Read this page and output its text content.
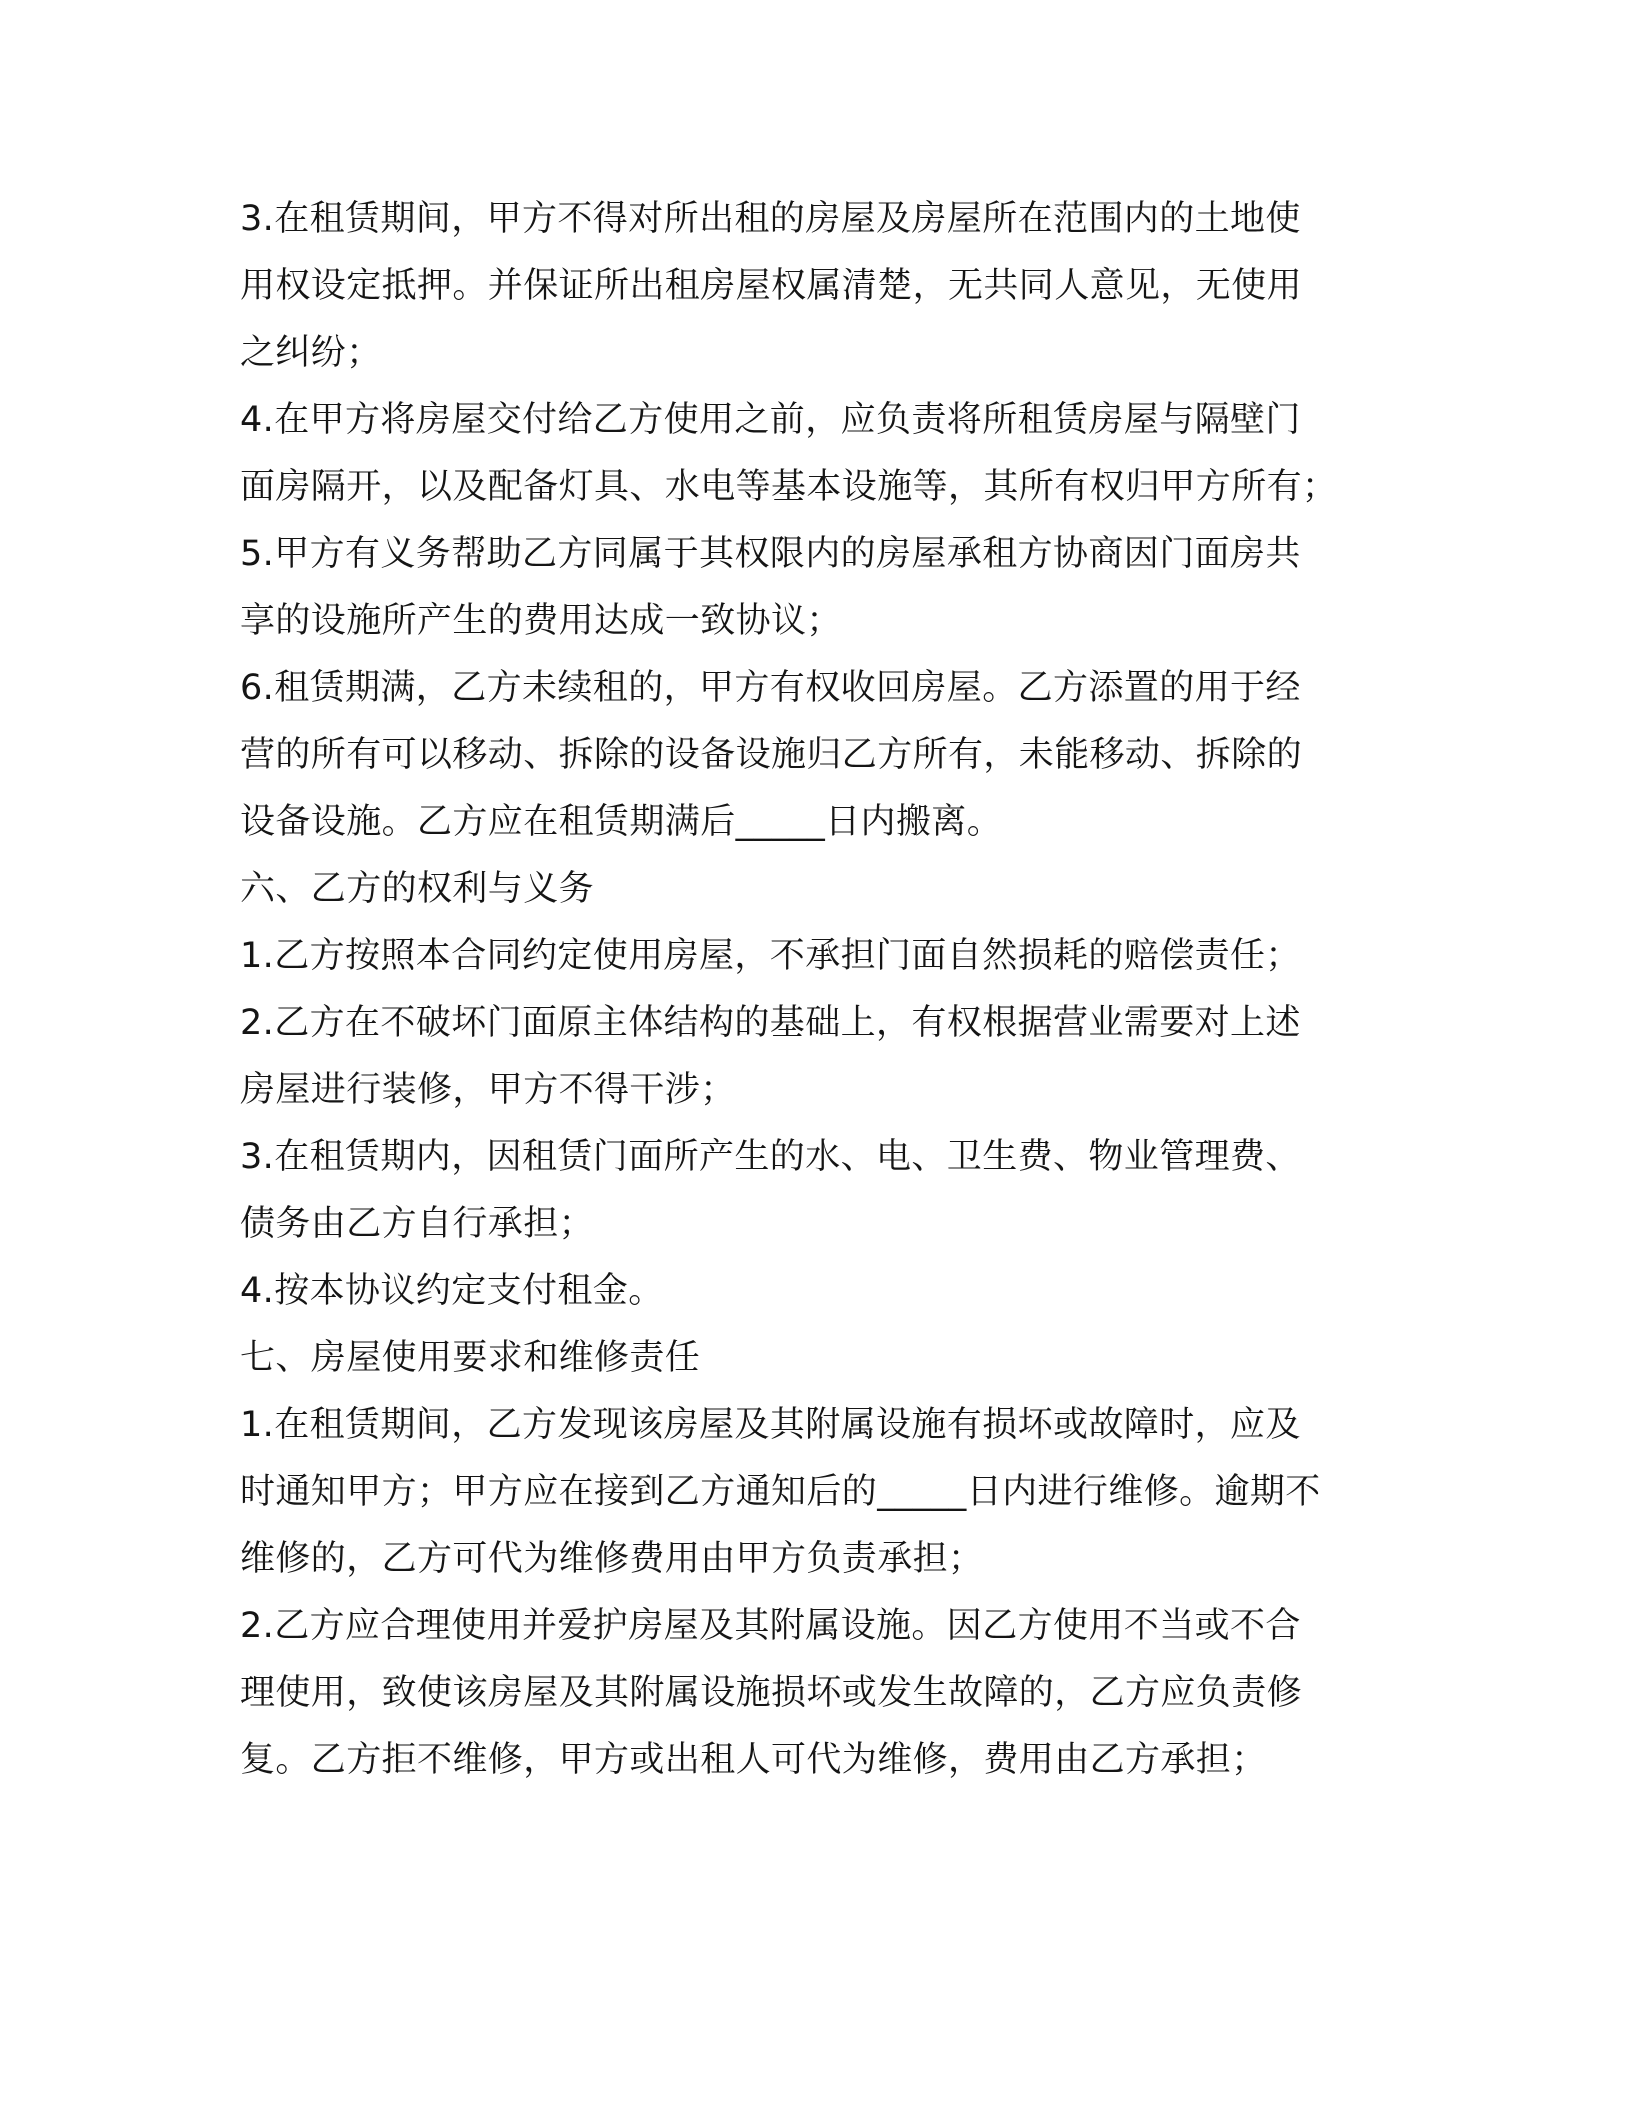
3.在租赁期间，甲方不得对所出租的房屋及房屋所在范围内的土地使
用权设定抵押。并保证所出租房屋权属清楚，无共同人意见，无使用
之纠纷；
4.在甲方将房屋交付给乙方使用之前，应负责将所租赁房屋与隔壁门
面房隔开，以及配备灯具、水电等基本设施等，其所有权归甲方所有；
5.甲方有义务帮助乙方同属于其权限内的房屋承租方协商因门面房共
享的设施所产生的费用达成一致协议；
6.租赁期满，乙方未续租的，甲方有权收回房屋。乙方添置的用于经
营的所有可以移动、拆除的设备设施归乙方所有，未能移动、拆除的
设备设施。乙方应在租赁期满后_____日内搬离。
六、乙方的权利与义务
1.乙方按照本合同约定使用房屋，不承担门面自然损耗的赔偿责任；
2.乙方在不破坏门面原主体结构的基础上，有权根据营业需要对上述
房屋进行装修，甲方不得干涉；
3.在租赁期内，因租赁门面所产生的水、电、卫生费、物业管理费、
债务由乙方自行承担；
4.按本协议约定支付租金。
七、房屋使用要求和维修责任
1.在租赁期间，乙方发现该房屋及其附属设施有损坏或故障时，应及
时通知甲方；甲方应在接到乙方通知后的_____日内进行维修。逾期不
维修的，乙方可代为维修费用由甲方负责承担；
2.乙方应合理使用并爱护房屋及其附属设施。因乙方使用不当或不合
理使用，致使该房屋及其附属设施损坏或发生故障的，乙方应负责修
复。乙方拒不维修，甲方或出租人可代为维修，费用由乙方承担；
